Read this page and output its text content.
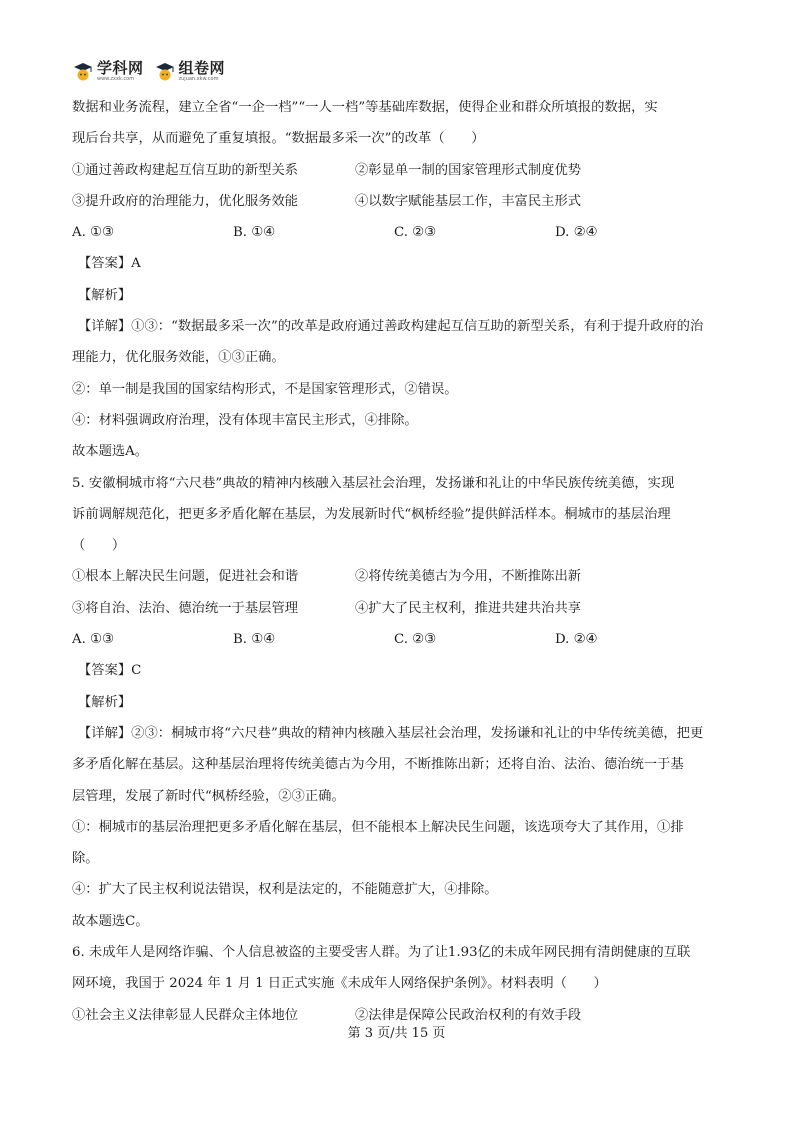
学科网
www.zxxk.com
组卷网
zujuan.xkw.com
数据和业务流程，建立全省“一企一档”“一人一档”等基础库数据，使得企业和群众所填报的数据，实
现后台共享，从而避免了重复填报。“数据最多采一次”的改革（　　）
①通过善政构建起互信互助的新型关系	②彰显单一制的国家管理形式制度优势
③提升政府的治理能力，优化服务效能	④以数字赋能基层工作，丰富民主形式
A. ①③	B. ①④	C. ②③	D. ②④
【答案】A
【解析】
【详解】①③：“数据最多采一次”的改革是政府通过善政构建起互信互助的新型关系，有利于提升政府的治
理能力，优化服务效能，①③正确。
②：单一制是我国的国家结构形式，不是国家管理形式，②错误。
④：材料强调政府治理，没有体现丰富民主形式，④排除。
故本题选A。
5. 安徽桐城市将“六尺巷”典故的精神内核融入基层社会治理，发扬谦和礼让的中华民族传统美德，实现
诉前调解规范化，把更多矛盾化解在基层，为发展新时代“枫桥经验”提供鲜活样本。桐城市的基层治理
（　　）
①根本上解决民生问题，促进社会和谐	②将传统美德古为今用，不断推陈出新
③将自治、法治、德治统一于基层管理	④扩大了民主权利，推进共建共治共享
A. ①③	B. ①④	C. ②③	D. ②④
【答案】C
【解析】
【详解】②③：桐城市将“六尺巷”典故的精神内核融入基层社会治理，发扬谦和礼让的中华传统美德，把更
多矛盾化解在基层。这种基层治理将传统美德古为今用，不断推陈出新；还将自治、法治、德治统一于基
层管理，发展了新时代“枫桥经验，②③正确。
①：桐城市的基层治理把更多矛盾化解在基层，但不能根本上解决民生问题，该选项夸大了其作用，①排
除。
④：扩大了民主权利说法错误，权利是法定的，不能随意扩大，④排除。
故本题选C。
6. 未成年人是网络诈骗、个人信息被盗的主要受害人群。为了让1.93亿的未成年网民拥有清朗健康的互联
网环境，我国于 2024 年 1 月 1 日正式实施《未成年人网络保护条例》。材料表明（　　）
①社会主义法律彰显人民群众主体地位	②法律是保障公民政治权利的有效手段
第 3 页/共 15 页
